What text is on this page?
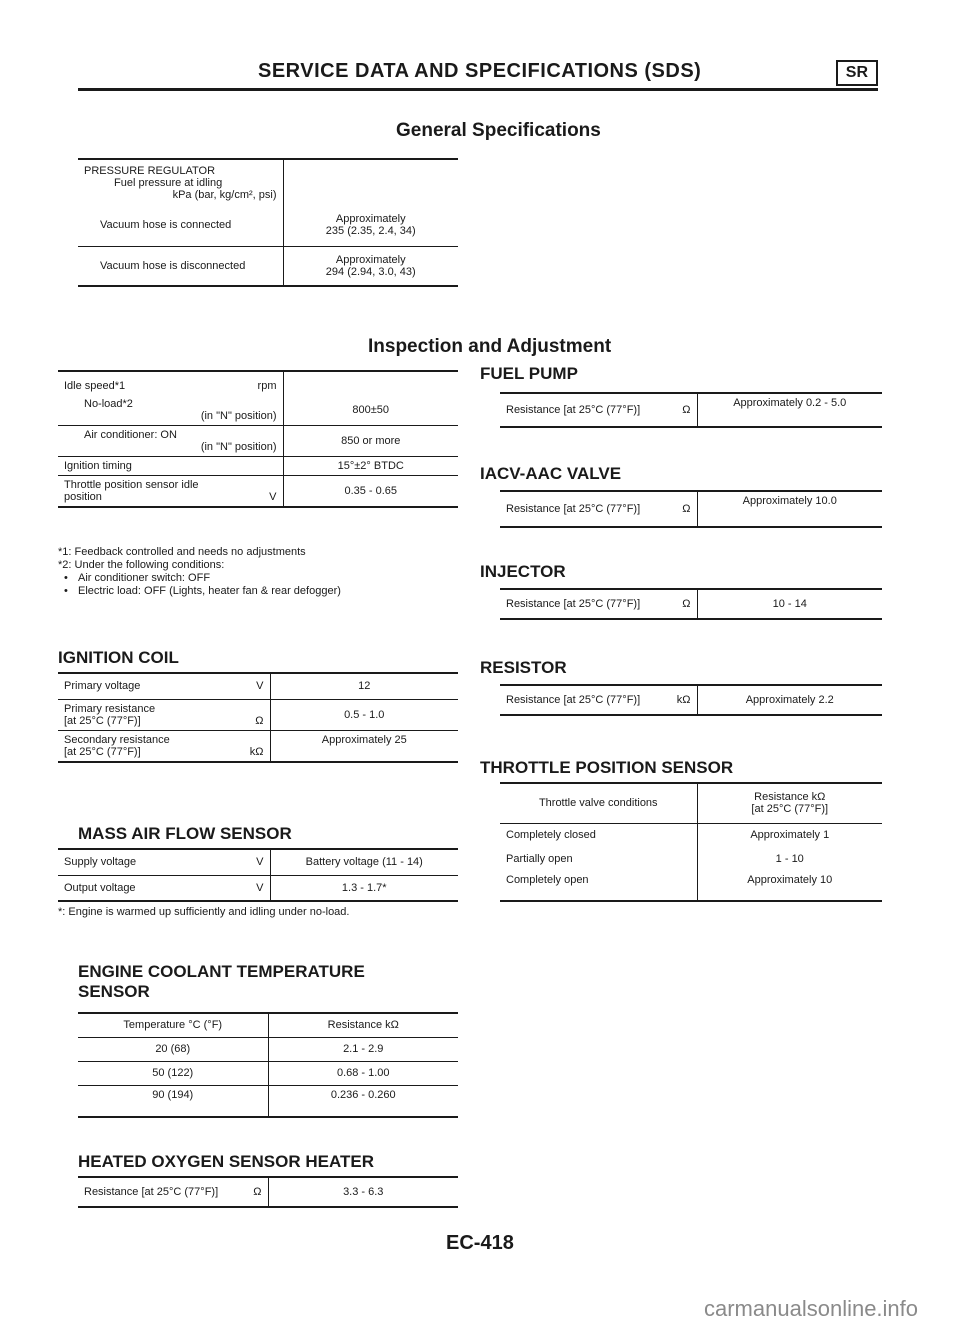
SERVICE DATA AND SPECIFICATIONS (SDS)	SR
General Specifications
PRESSURE REGULATOR
Fuel pressure at idling
kPa (bar, kg/cm², psi)	

Vacuum hose is connected	Approximately
235 (2.35, 2.4, 34)

Vacuum hose is disconnected	Approximately
294 (2.94, 3.0, 43)
Inspection and Adjustment
Idle speed*1 rpm	

No-load*2
(in "N" position)	800±50

Air conditioner: ON
(in "N" position)	850 or more
Ignition timing	15°±2° BTDC

Throttle position sensor idle
position V	0.35 - 0.65
*1: Feedback controlled and needs no adjustments
*2: Under the following conditions:
• Air conditioner switch: OFF
• Electric load: OFF (Lights, heater fan & rear defogger)
IGNITION COIL
Primary voltage V	12

Primary resistance
[at 25°C (77°F)] Ω	0.5 - 1.0

Secondary resistance
[at 25°C (77°F)] kΩ	Approximately 25
MASS AIR FLOW SENSOR
Supply voltage V	Battery voltage (11 - 14)
Output voltage V	1.3 - 1.7*
*: Engine is warmed up sufficiently and idling under no-load.
ENGINE COOLANT TEMPERATURE
SENSOR
Temperature °C (°F)	Resistance kΩ
20 (68)	2.1 - 2.9
50 (122)	0.68 - 1.00
90 (194)	0.236 - 0.260
HEATED OXYGEN SENSOR HEATER
Resistance [at 25°C (77°F)]	Ω	3.3 - 6.3
FUEL PUMP
Resistance [at 25°C (77°F)]	Ω
	Approximately 0.2 - 5.0
IACV-AAC VALVE
Resistance [at 25°C (77°F)]	Ω
	Approximately 10.0
INJECTOR
Resistance [at 25°C (77°F)]	Ω	10 - 14
RESISTOR
Resistance [at 25°C (77°F)]	kΩ	Approximately 2.2
THROTTLE POSITION SENSOR
Throttle valve conditions	Resistance kΩ
[at 25°C (77°F)]

Completely closed	Approximately 1
Partially open	1 - 10
Completely open	Approximately 10
EC-418
carmanualsonline.info
